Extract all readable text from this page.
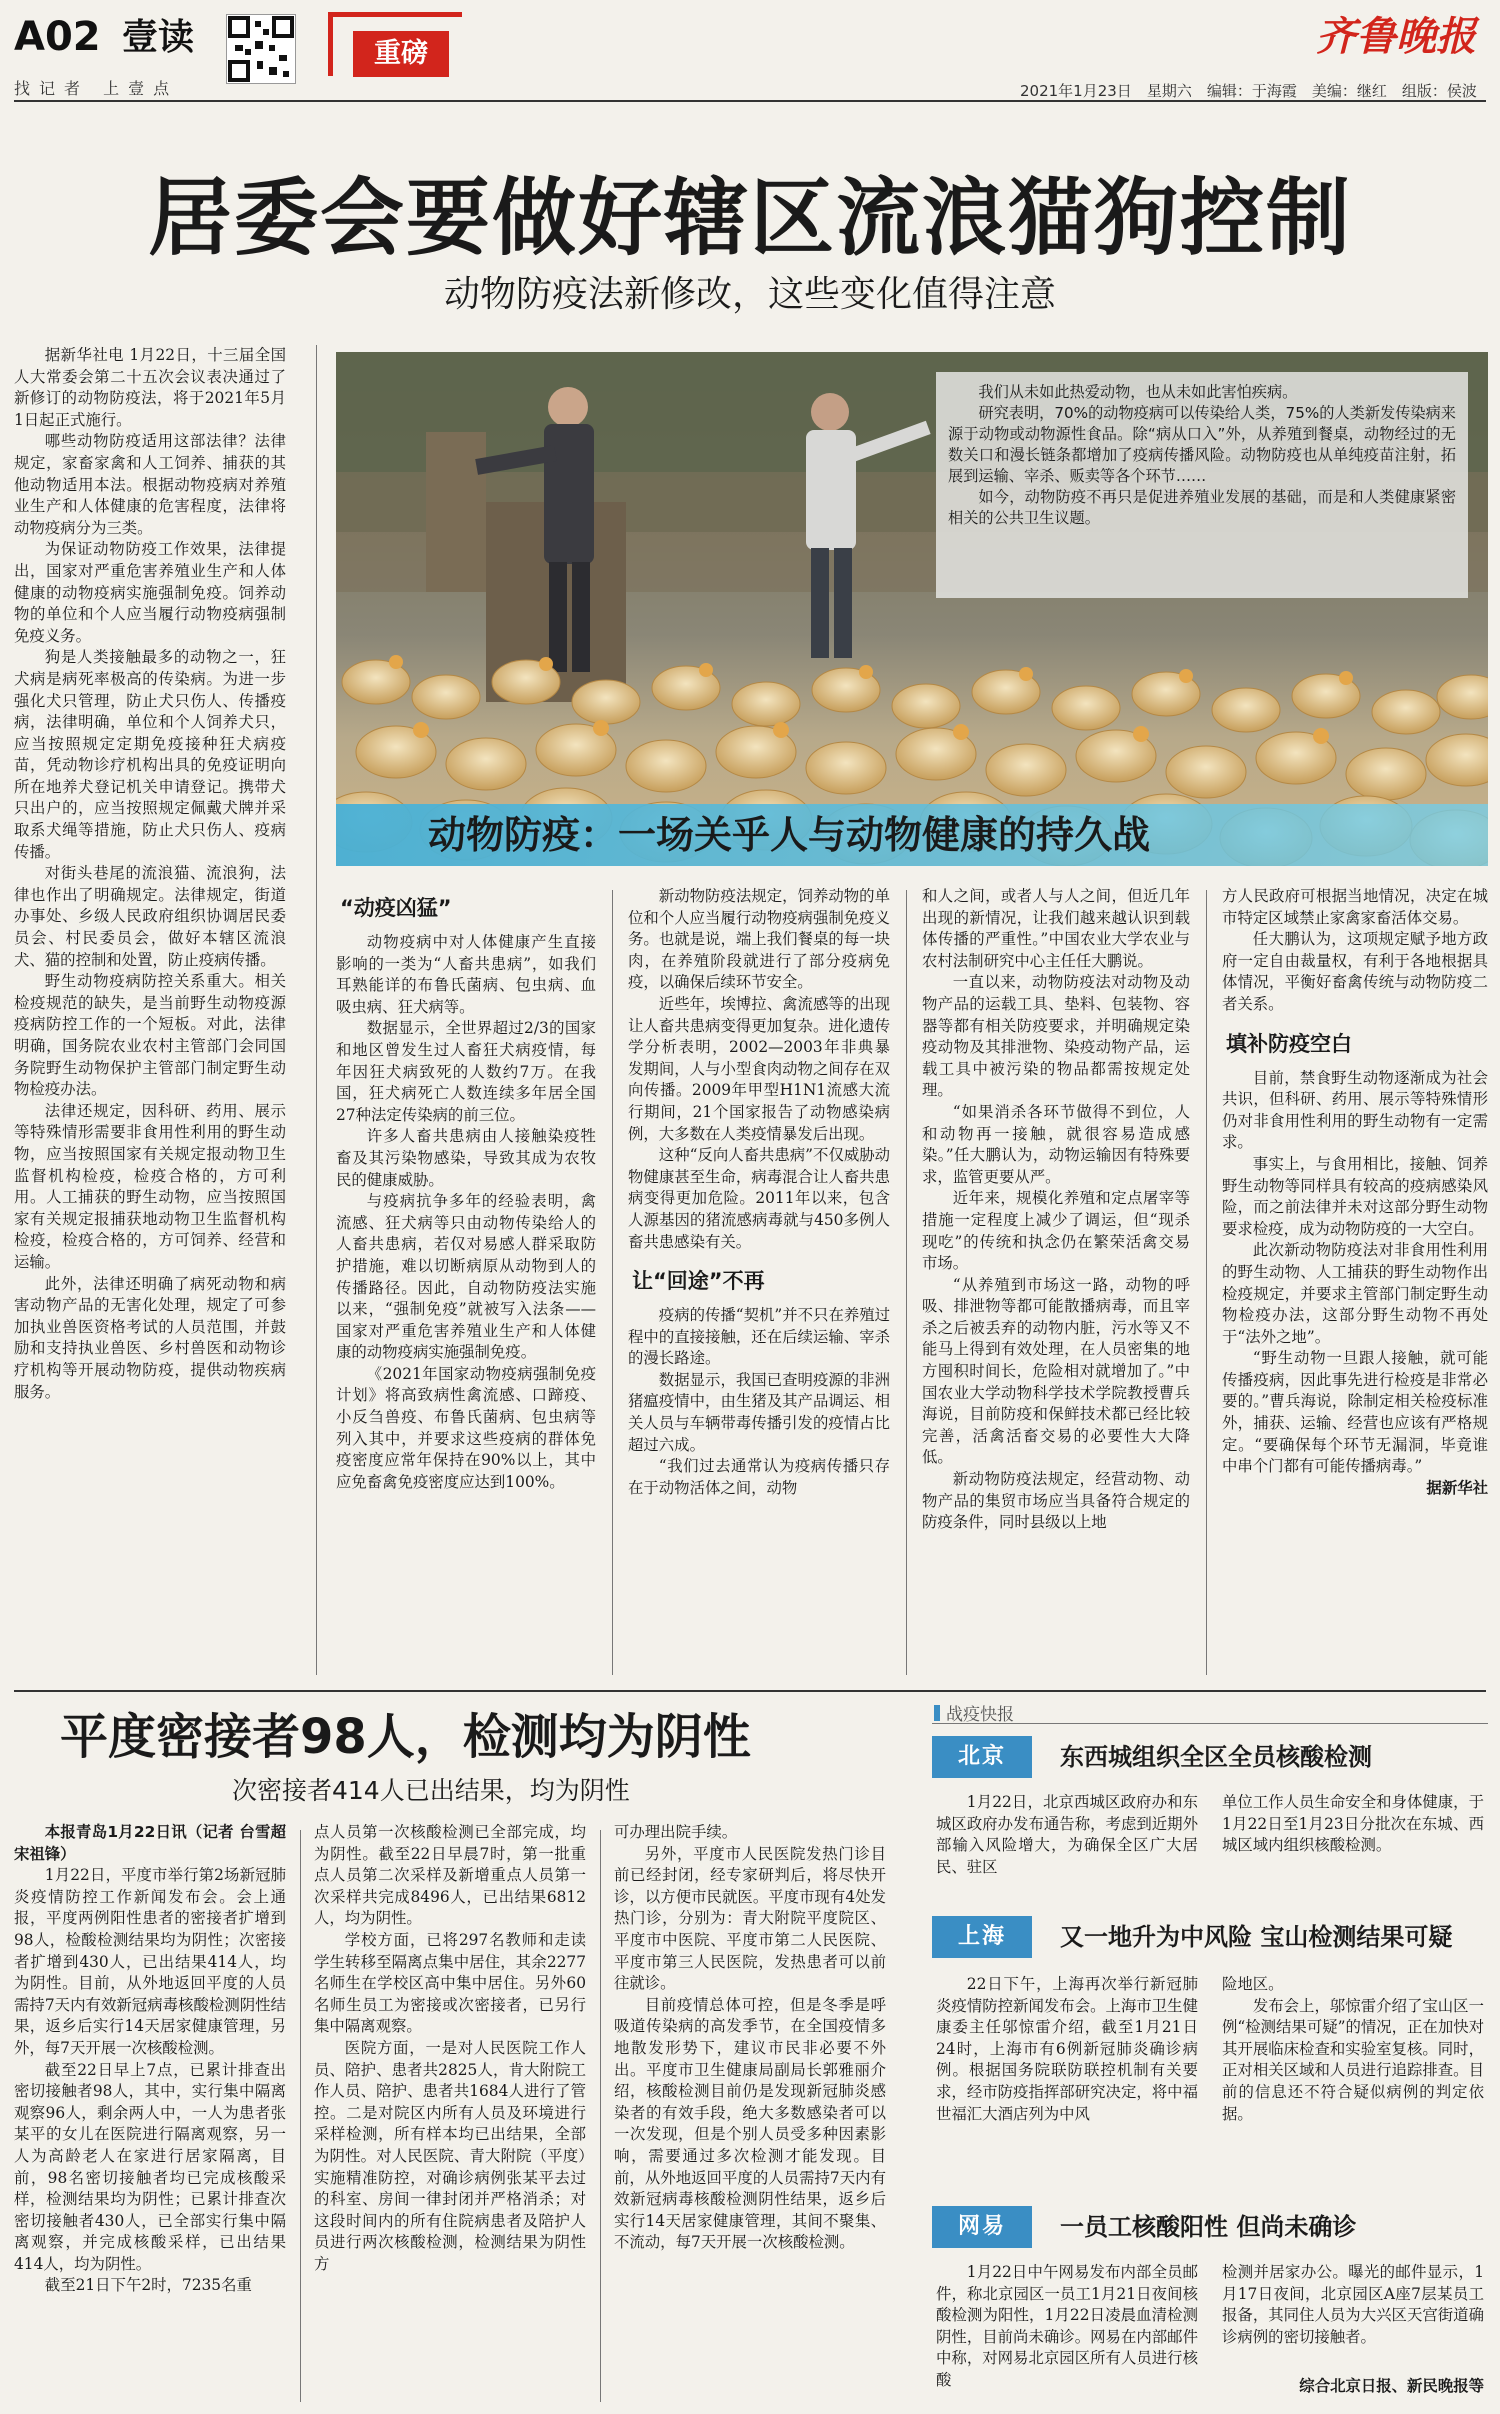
A02 壹读
找记者 上壹点
重磅	齐鲁晚报
2021年1月23日　 星期六　 编辑：于海霞　 美编：继红　 组版：侯波
居委会要做好辖区流浪猫狗控制
动物防疫法新修改，这些变化值得注意

据新华社电 1月22日，十三届全国人大常委会第二十五次会议表决通过了新修订的动物防疫法，将于2021年5月1日起正式施行。

哪些动物防疫适用这部法律？法律规定，家畜家禽和人工饲养、捕获的其他动物适用本法。根据动物疫病对养殖业生产和人体健康的危害程度，法律将动物疫病分为三类。

为保证动物防疫工作效果，法律提出，国家对严重危害养殖业生产和人体健康的动物疫病实施强制免疫。饲养动物的单位和个人应当履行动物疫病强制免疫义务。

狗是人类接触最多的动物之一，狂犬病是病死率极高的传染病。为进一步强化犬只管理，防止犬只伤人、传播疫病，法律明确，单位和个人饲养犬只，应当按照规定定期免疫接种狂犬病疫苗，凭动物诊疗机构出具的免疫证明向所在地养犬登记机关申请登记。携带犬只出户的，应当按照规定佩戴犬牌并采取系犬绳等措施，防止犬只伤人、疫病传播。

对街头巷尾的流浪猫、流浪狗，法律也作出了明确规定。法律规定，街道办事处、乡级人民政府组织协调居民委员会、村民委员会，做好本辖区流浪犬、猫的控制和处置，防止疫病传播。

野生动物疫病防控关系重大。相关检疫规范的缺失，是当前野生动物疫源疫病防控工作的一个短板。对此，法律明确，国务院农业农村主管部门会同国务院野生动物保护主管部门制定野生动物检疫办法。

法律还规定，因科研、药用、展示等特殊情形需要非食用性利用的野生动物，应当按照国家有关规定报动物卫生监督机构检疫，检疫合格的，方可利用。人工捕获的野生动物，应当按照国家有关规定报捕获地动物卫生监督机构检疫，检疫合格的，方可饲养、经营和运输。

此外，法律还明确了病死动物和病害动物产品的无害化处理，规定了可参加执业兽医资格考试的人员范围，并鼓励和支持执业兽医、乡村兽医和动物诊疗机构等开展动物防疫，提供动物疾病服务。

我们从未如此热爱动物，也从未如此害怕疾病。

研究表明，70%的动物疫病可以传染给人类，75%的人类新发传染病来源于动物或动物源性食品。除“病从口入”外，从养殖到餐桌，动物经过的无数关口和漫长链条都增加了疫病传播风险。动物防疫也从单纯疫苗注射，拓展到运输、宰杀、贩卖等各个环节……

如今，动物防疫不再只是促进养殖业发展的基础，而是和人类健康紧密相关的公共卫生议题。

动物防疫：一场关乎人与动物健康的持久战
“动疫凶猛”

动物疫病中对人体健康产生直接影响的一类为“人畜共患病”，如我们耳熟能详的布鲁氏菌病、包虫病、血吸虫病、狂犬病等。

数据显示，全世界超过2/3的国家和地区曾发生过人畜狂犬病疫情，每年因狂犬病致死的人数约7万。在我国，狂犬病死亡人数连续多年居全国27种法定传染病的前三位。

许多人畜共患病由人接触染疫牲畜及其污染物感染，导致其成为农牧民的健康威胁。

与疫病抗争多年的经验表明，禽流感、狂犬病等只由动物传染给人的人畜共患病，若仅对易感人群采取防护措施，难以切断病原从动物到人的传播路径。因此，自动物防疫法实施以来，“强制免疫”就被写入法条——国家对严重危害养殖业生产和人体健康的动物疫病实施强制免疫。

《2021年国家动物疫病强制免疫计划》将高致病性禽流感、口蹄疫、小反刍兽疫、布鲁氏菌病、包虫病等列入其中，并要求这些疫病的群体免疫密度应常年保持在90%以上，其中应免畜禽免疫密度应达到100%。

新动物防疫法规定，饲养动物的单位和个人应当履行动物疫病强制免疫义务。也就是说，端上我们餐桌的每一块肉，在养殖阶段就进行了部分疫病免疫，以确保后续环节安全。

近些年，埃博拉、禽流感等的出现让人畜共患病变得更加复杂。进化遗传学分析表明，2002—2003年非典暴发期间，人与小型食肉动物之间存在双向传播。2009年甲型H1N1流感大流行期间，21个国家报告了动物感染病例，大多数在人类疫情暴发后出现。

这种“反向人畜共患病”不仅威胁动物健康甚至生命，病毒混合让人畜共患病变得更加危险。2011年以来，包含人源基因的猪流感病毒就与450多例人畜共患感染有关。

让“回途”不再

疫病的传播“契机”并不只在养殖过程中的直接接触，还在后续运输、宰杀的漫长路途。

数据显示，我国已查明疫源的非洲猪瘟疫情中，由生猪及其产品调运、相关人员与车辆带毒传播引发的疫情占比超过六成。

“我们过去通常认为疫病传播只存在于动物活体之间，动物

和人之间，或者人与人之间，但近几年出现的新情况，让我们越来越认识到载体传播的严重性。”中国农业大学农业与农村法制研究中心主任任大鹏说。

一直以来，动物防疫法对动物及动物产品的运载工具、垫料、包装物、容器等都有相关防疫要求，并明确规定染疫动物及其排泄物、染疫动物产品，运载工具中被污染的物品都需按规定处理。

“如果消杀各环节做得不到位，人和动物再一接触，就很容易造成感染。”任大鹏认为，动物运输因有特殊要求，监管更要从严。

近年来，规模化养殖和定点屠宰等措施一定程度上减少了调运，但“现杀现吃”的传统和执念仍在繁荣活禽交易市场。

“从养殖到市场这一路，动物的呼吸、排泄物等都可能散播病毒，而且宰杀之后被丢弃的动物内脏，污水等又不能马上得到有效处理，在人员密集的地方囤积时间长，危险相对就增加了。”中国农业大学动物科学技术学院教授曹兵海说，目前防疫和保鲜技术都已经比较完善，活禽活畜交易的必要性大大降低。

新动物防疫法规定，经营动物、动物产品的集贸市场应当具备符合规定的防疫条件，同时县级以上地

方人民政府可根据当地情况，决定在城市特定区域禁止家禽家畜活体交易。

任大鹏认为，这项规定赋予地方政府一定自由裁量权，有利于各地根据具体情况，平衡好畜禽传统与动物防疫二者关系。

填补防疫空白

目前，禁食野生动物逐渐成为社会共识，但科研、药用、展示等特殊情形仍对非食用性利用的野生动物有一定需求。

事实上，与食用相比，接触、饲养野生动物等同样具有较高的疫病感染风险，而之前法律并未对这部分野生动物要求检疫，成为动物防疫的一大空白。

此次新动物防疫法对非食用性利用的野生动物、人工捕获的野生动物作出检疫规定，并要求主管部门制定野生动物检疫办法，这部分野生动物不再处于“法外之地”。

“野生动物一旦跟人接触，就可能传播疫病，因此事先进行检疫是非常必要的。”曹兵海说，除制定相关检疫标准外，捕获、运输、经营也应该有严格规定。“要确保每个环节无漏洞，毕竟谁中串个门都有可能传播病毒。”

据新华社

平度密接者98人，检测均为阴性
次密接者414人已出结果，均为阴性

本报青岛1月22日讯（记者 台雪超 宋祖锋）

1月22日，平度市举行第2场新冠肺炎疫情防控工作新闻发布会。会上通报，平度两例阳性患者的密接者扩增到98人，检酸检测结果均为阴性；次密接者扩增到430人，已出结果414人，均为阴性。目前，从外地返回平度的人员需持7天内有效新冠病毒核酸检测阴性结果，返乡后实行14天居家健康管理，另外，每7天开展一次核酸检测。

截至22日早上7点，已累计排查出密切接触者98人，其中，实行集中隔离观察96人，剩余两人中，一人为患者张某平的女儿在医院进行隔离观察，另一人为高龄老人在家进行居家隔离，目前，98名密切接触者均已完成核酸采样，检测结果均为阴性；已累计排查次密切接触者430人，已全部实行集中隔离观察，并完成核酸采样，已出结果414人，均为阴性。

截至21日下午2时，7235名重

点人员第一次核酸检测已全部完成，均为阴性。截至22日早晨7时，第一批重点人员第二次采样及新增重点人员第一次采样共完成8496人，已出结果6812人，均为阴性。

学校方面，已将297名教师和走读学生转移至隔离点集中居住，其余2277名师生在学校区高中集中居住。另外60名师生员工为密接或次密接者，已另行集中隔离观察。

医院方面，一是对人民医院工作人员、陪护、患者共2825人，肯大附院工作人员、陪护、患者共1684人进行了管控。二是对院区内所有人员及环境进行采样检测，所有样本均已出结果，全部为阴性。对人民医院、青大附院（平度）实施精准防控，对确诊病例张某平去过的科室、房间一律封闭并严格消杀；对这段时间内的所有住院病患者及陪护人员进行两次核酸检测，检测结果为阴性方

可办理出院手续。

另外，平度市人民医院发热门诊目前已经封闭，经专家研判后，将尽快开诊，以方便市民就医。平度市现有4处发热门诊，分别为：青大附院平度院区、平度市中医院、平度市第二人民医院、平度市第三人民医院，发热患者可以前往就诊。

目前疫情总体可控，但是冬季是呼吸道传染病的高发季节，在全国疫情多地散发形势下，建议市民非必要不外出。平度市卫生健康局副局长郭雅丽介绍，核酸检测目前仍是发现新冠肺炎感染者的有效手段，绝大多数感染者可以一次发现，但是个别人员受多种因素影响，需要通过多次检测才能发现。目前，从外地返回平度的人员需持7天内有效新冠病毒核酸检测阴性结果，返乡后实行14天居家健康管理，其间不聚集、不流动，每7天开展一次核酸检测。

战疫快报
北京	东西城组织全区全员核酸检测
1月22日，北京西城区政府办和东城区政府办发布通告称，考虑到近期外部输入风险增大，为确保全区广大居民、驻区
单位工作人员生命安全和身体健康，于1月22日至1月23日分批次在东城、西城区域内组织核酸检测。
上海	又一地升为中风险 宝山检测结果可疑
22日下午，上海再次举行新冠肺炎疫情防控新闻发布会。上海市卫生健康委主任邬惊雷介绍，截至1月21日24时，上海市有6例新冠肺炎确诊病例。根据国务院联防联控机制有关要求，经市防疫指挥部研究决定，将中福世福汇大酒店列为中风
险地区。
　　发布会上，邬惊雷介绍了宝山区一例“检测结果可疑”的情况，正在加快对其开展临床检查和实验室复核。同时，正对相关区域和人员进行追踪排查。目前的信息还不符合疑似病例的判定依据。
网易	一员工核酸阳性 但尚未确诊
1月22日中午网易发布内部全员邮件，称北京园区一员工1月21日夜间核酸检测为阳性，1月22日凌晨血清检测阴性，目前尚未确诊。网易在内部邮件中称，对网易北京园区所有人员进行核酸
检测并居家办公。曝光的邮件显示，1月17日夜间，北京园区A座7层某员工报备，其同住人员为大兴区天宫街道确诊病例的密切接触者。
综合北京日报、新民晚报等
